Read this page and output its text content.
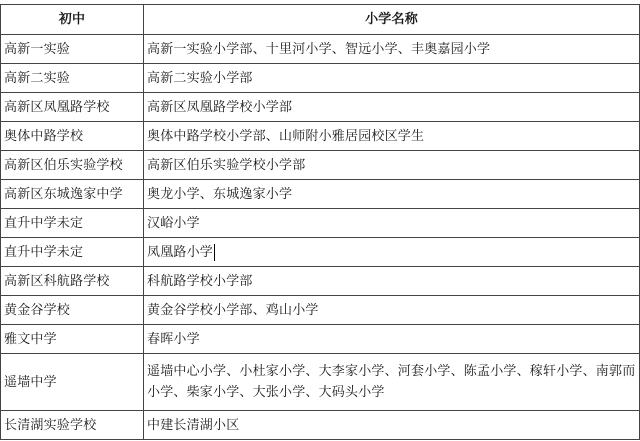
初中	小学名称
高新一实验	高新一实验小学部、十里河小学、智远小学、丰奥嘉园小学
高新二实验	高新二实验小学部
高新区凤凰路学校	高新区凤凰路学校小学部
奥体中路学校	奥体中路学校小学部、山师附小雅居园校区学生
高新区伯乐实验学校	高新区伯乐实验学校小学部
高新区东城逸家中学	奥龙小学、东城逸家小学
直升中学未定	汉峪小学
直升中学未定	凤凰路小学
高新区科航路学校	科航路学校小学部
黄金谷学校	黄金谷学校小学部、鸡山小学
雅文中学	春晖小学
遥墙中学	遥墙中心小学、小杜家小学、大李家小学、河套小学、陈孟小学、稼轩小学、南郭而小学、柴家小学、大张小学、大码头小学
长清湖实验学校	中建长清湖小区
